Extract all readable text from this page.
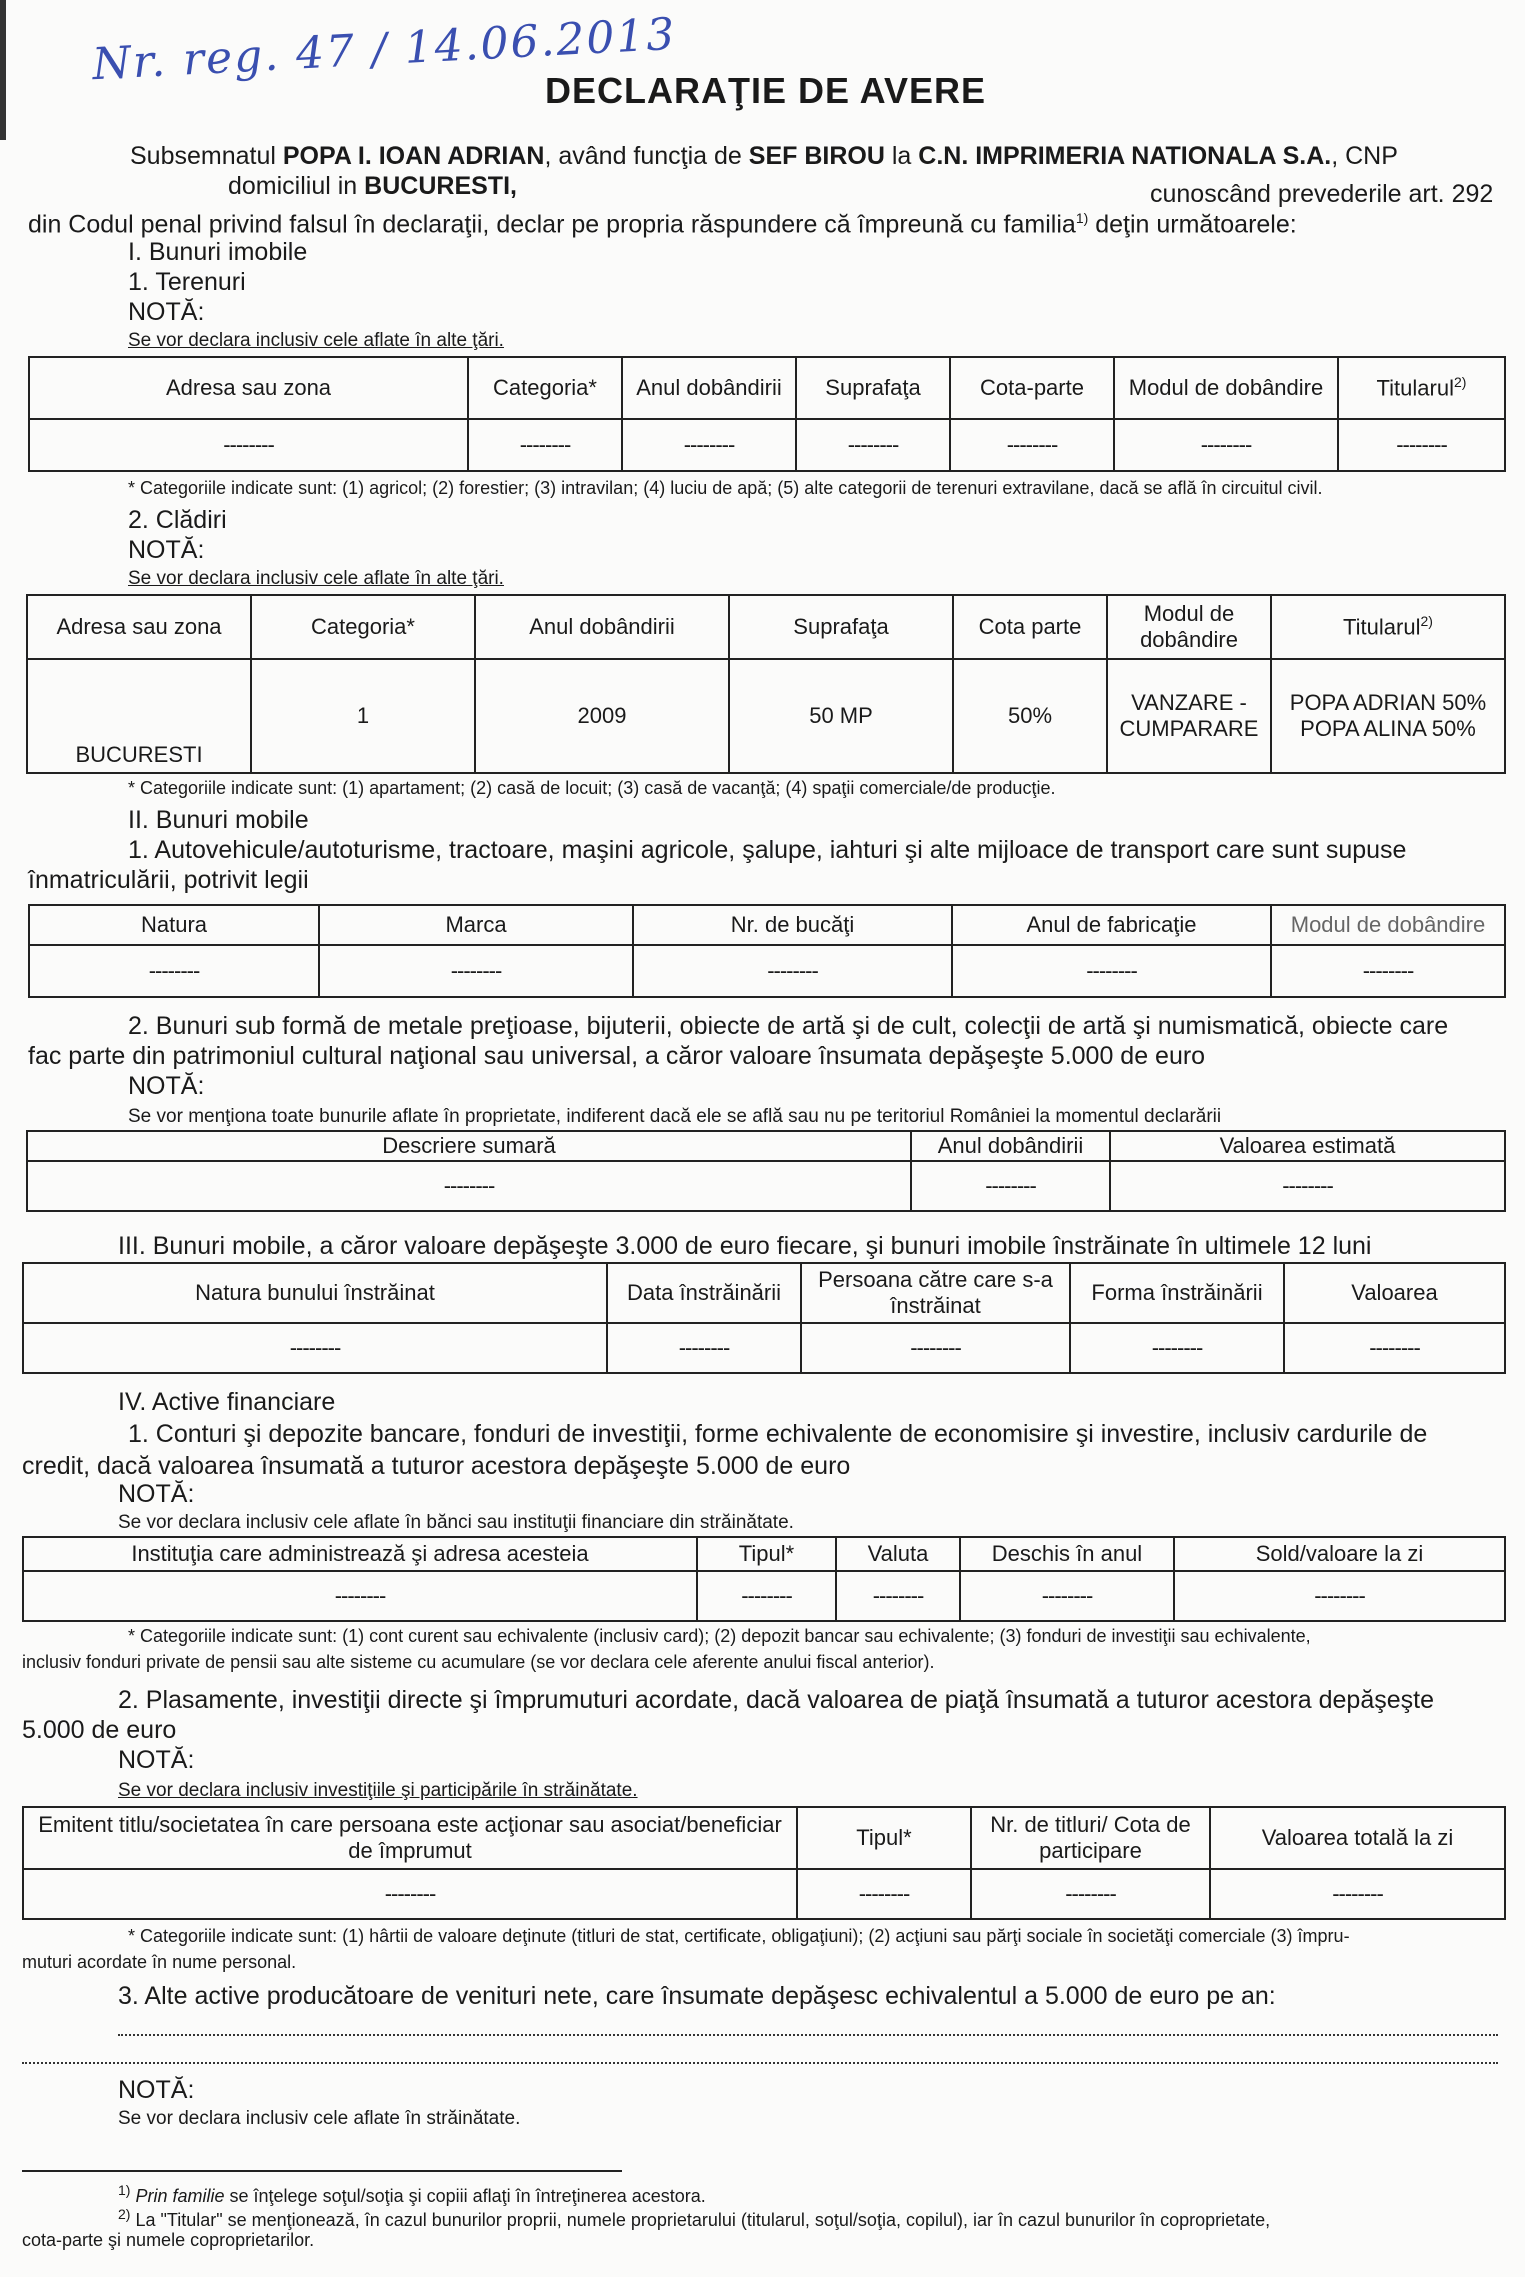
Nr. reg. 47 / 14.06.2013
DECLARAŢIE DE AVERE
Subsemnatul POPA I. IOAN ADRIAN, având funcţia de SEF BIROU la C.N. IMPRIMERIA NATIONALA S.A., CNP
domiciliul in BUCURESTI,	cunoscând prevederile art. 292
din Codul penal privind falsul în declaraţii, declar pe propria răspundere că împreună cu familia$^{1)}$ deţin următoarele:
I. Bunuri imobile
1. Terenuri
NOTĂ:
Se vor declara inclusiv cele aflate în alte ţări.
Adresa sau zona	Categoria*	Anul dobândirii	Suprafaţa	Cota-parte	Modul de dobândire	Titularul$^{2)}$
--------	--------	--------	--------	--------	--------	--------
* Categoriile indicate sunt: (1) agricol; (2) forestier; (3) intravilan; (4) luciu de apă; (5) alte categorii de terenuri extravilane, dacă se află în circuitul civil.
2. Clădiri
NOTĂ:
Se vor declara inclusiv cele aflate în alte ţări.
Adresa sau zona	Categoria*	Anul dobândirii	Suprafaţa	Cota parte	Modul de dobândire	Titularul$^{2)}$
BUCURESTI	1	2009	50 MP	50%	VANZARE - CUMPARARE	POPA ADRIAN 50%
POPA ALINA 50%
* Categoriile indicate sunt: (1) apartament; (2) casă de locuit; (3) casă de vacanţă; (4) spaţii comerciale/de producţie.
II. Bunuri mobile
1. Autovehicule/autoturisme, tractoare, maşini agricole, şalupe, iahturi şi alte mijloace de transport care sunt supuse
înmatriculării, potrivit legii
Natura	Marca	Nr. de bucăţi	Anul de fabricaţie	Modul de dobândire
--------	--------	--------	--------	--------
2. Bunuri sub formă de metale preţioase, bijuterii, obiecte de artă şi de cult, colecţii de artă şi numismatică, obiecte care
fac parte din patrimoniul cultural naţional sau universal, a căror valoare însumata depăşeşte 5.000 de euro
NOTĂ:
Se vor menţiona toate bunurile aflate în proprietate, indiferent dacă ele se află sau nu pe teritoriul României la momentul declarării
Descriere sumară	Anul dobândirii	Valoarea estimată
--------	--------	--------
III. Bunuri mobile, a căror valoare depăşeşte 3.000 de euro fiecare, şi bunuri imobile înstrăinate în ultimele 12 luni
Natura bunului înstrăinat	Data înstrăinării	Persoana către care s-a înstrăinat	Forma înstrăinării	Valoarea
--------	--------	--------	--------	--------
IV. Active financiare
1. Conturi şi depozite bancare, fonduri de investiţii, forme echivalente de economisire şi investire, inclusiv cardurile de
credit, dacă valoarea însumată a tuturor acestora depăşeşte 5.000 de euro
NOTĂ:
Se vor declara inclusiv cele aflate în bănci sau instituţii financiare din străinătate.
Instituţia care administrează şi adresa acesteia	Tipul*	Valuta	Deschis în anul	Sold/valoare la zi
--------	--------	--------	--------	--------
* Categoriile indicate sunt: (1) cont curent sau echivalente (inclusiv card); (2) depozit bancar sau echivalente; (3) fonduri de investiţii sau echivalente,
inclusiv fonduri private de pensii sau alte sisteme cu acumulare (se vor declara cele aferente anului fiscal anterior).
2. Plasamente, investiţii directe şi împrumuturi acordate, dacă valoarea de piaţă însumată a tuturor acestora depăşeşte
5.000 de euro
NOTĂ:
Se vor declara inclusiv investiţiile şi participările în străinătate.
Emitent titlu/societatea în care persoana este acţionar sau asociat/beneficiar de împrumut	Tipul*	Nr. de titluri/ Cota de participare	Valoarea totală la zi
--------	--------	--------	--------
* Categoriile indicate sunt: (1) hârtii de valoare deţinute (titluri de stat, certificate, obligaţiuni); (2) acţiuni sau părţi sociale în societăţi comerciale (3) împru-
muturi acordate în nume personal.
3. Alte active producătoare de venituri nete, care însumate depăşesc echivalentul a 5.000 de euro pe an:
NOTĂ:
Se vor declara inclusiv cele aflate în străinătate.
$^{1)}$ Prin familie se înţelege soţul/soţia şi copiii aflaţi în întreţinerea acestora.
$^{2)}$ La "Titular" se menţionează, în cazul bunurilor proprii, numele proprietarului (titularul, soţul/soţia, copilul), iar în cazul bunurilor în coproprietate,
cota-parte şi numele coproprietarilor.
